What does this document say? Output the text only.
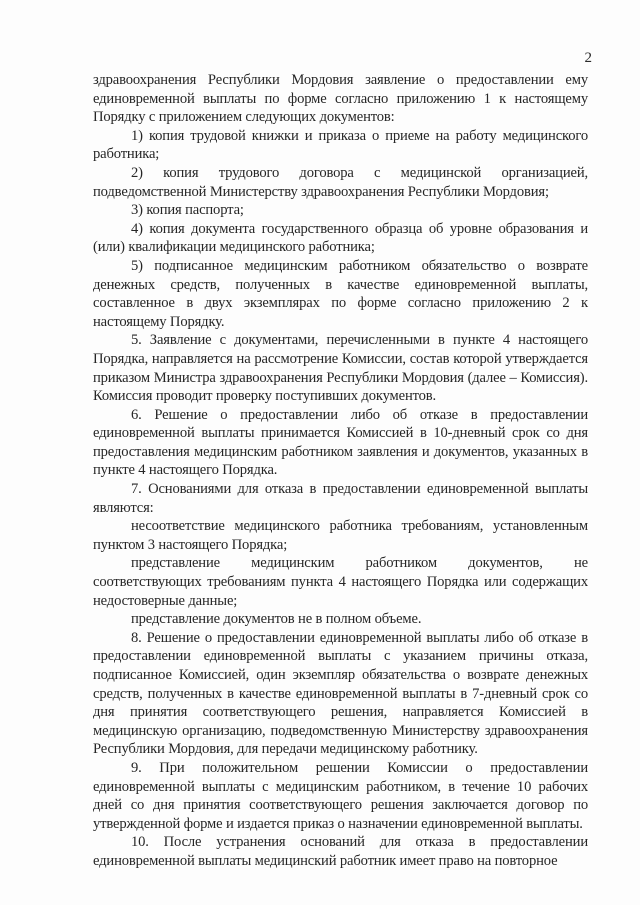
2

здравоохранения Республики Мордовия заявление о предоставлении ему единовременной выплаты по форме согласно приложению 1 к настоящему Порядку с приложением следующих документов:

1) копия трудовой книжки и приказа о приеме на работу медицинского работника;

2) копия трудового договора с медицинской организацией, подведомственной Министерству здравоохранения Республики Мордовия;

3) копия паспорта;

4) копия документа государственного образца об уровне образования и (или) квалификации медицинского работника;

5) подписанное медицинским работником обязательство о возврате денежных средств, полученных в качестве единовременной выплаты, составленное в двух экземплярах по форме согласно приложению 2 к настоящему Порядку.

5. Заявление с документами, перечисленными в пункте 4 настоящего Порядка, направляется на рассмотрение Комиссии, состав которой утверждается приказом Министра здравоохранения Республики Мордовия (далее – Комиссия). Комиссия проводит проверку поступивших документов.

6. Решение о предоставлении либо об отказе в предоставлении единовременной выплаты принимается Комиссией в 10-дневный срок со дня предоставления медицинским работником заявления и документов, указанных в пункте 4 настоящего Порядка.

7. Основаниями для отказа в предоставлении единовременной выплаты являются:

несоответствие медицинского работника требованиям, установленным пунктом 3 настоящего Порядка;

представление медицинским работником документов, не соответствующих требованиям пункта 4 настоящего Порядка или содержащих недостоверные данные;

представление документов не в полном объеме.

8. Решение о предоставлении единовременной выплаты либо об отказе в предоставлении единовременной выплаты с указанием причины отказа, подписанное Комиссией, один экземпляр обязательства о возврате денежных средств, полученных в качестве единовременной выплаты в 7-дневный срок со дня принятия соответствующего решения, направляется Комиссией в медицинскую организацию, подведомственную Министерству здравоохранения Республики Мордовия, для передачи медицинскому работнику.

9. При положительном решении Комиссии о предоставлении единовременной выплаты с медицинским работником, в течение 10 рабочих дней со дня принятия соответствующего решения заключается договор по утвержденной форме и издается приказ о назначении единовременной выплаты.

10. После устранения оснований для отказа в предоставлении единовременной выплаты медицинский работник имеет право на повторное
